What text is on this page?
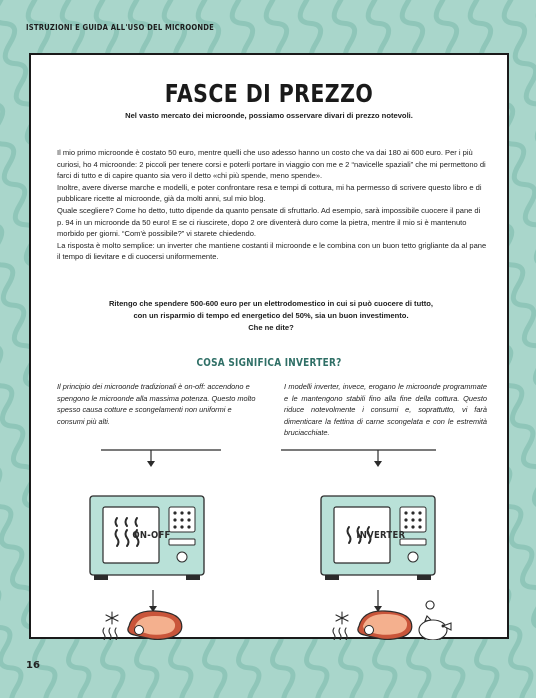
ISTRUZIONI E GUIDA ALL'USO DEL MICROONDE
FASCE DI PREZZO
Nel vasto mercato dei microonde, possiamo osservare divari di prezzo notevoli.

Il mio primo microonde è costato 50 euro, mentre quelli che uso adesso hanno un costo che va dai 180 ai 600 euro. Per i più curiosi, ho 4 microonde: 2 piccoli per tenere corsi e poterli portare in viaggio con me e 2 “navicelle spaziali” che mi permettono di farci di tutto e di capire quanto sia vero il detto «chi più spende, meno spende».

Inoltre, avere diverse marche e modelli, e poter confrontare resa e tempi di cottura, mi ha permesso di scrivere questo libro e di pubblicare ricette al microonde, già da molti anni, sul mio blog.

Quale scegliere? Come ho detto, tutto dipende da quanto pensate di sfruttarlo. Ad esempio, sarà impossibile cuocere il pane di p. 94 in un microonde da 50 euro! E se ci riuscirete, dopo 2 ore diventerà duro come la pietra, mentre il mio si è mantenuto morbido per giorni. “Com'è possibile?” vi starete chiedendo.

La risposta è molto semplice: un inverter che mantiene costanti il microonde e le combina con un buon tetto grigliante da al pane il tempo di lievitare e di cuocersi uniformemente.

Ritengo che spendere 500-600 euro per un elettrodomestico in cui si può cuocere di tutto,
con un risparmio di tempo ed energetico del 50%, sia un buon investimento.
Che ne dite?
COSA SIGNIFICA INVERTER?
Il principio dei microonde tradizionali è on-off: accendono e spengono le microonde alla massima potenza. Questo molto spesso causa cotture e scongelamenti non uniformi e consumi più alti.
I modelli inverter, invece, erogano le microonde programmate e le mantengono stabili fino alla fine della cottura. Questo riduce notevolmente i consumi e, soprattutto, vi farà dimenticare la fettina di carne scongelata e con le estremità bruciacchiate.
ON-OFF	INVERTER
16
